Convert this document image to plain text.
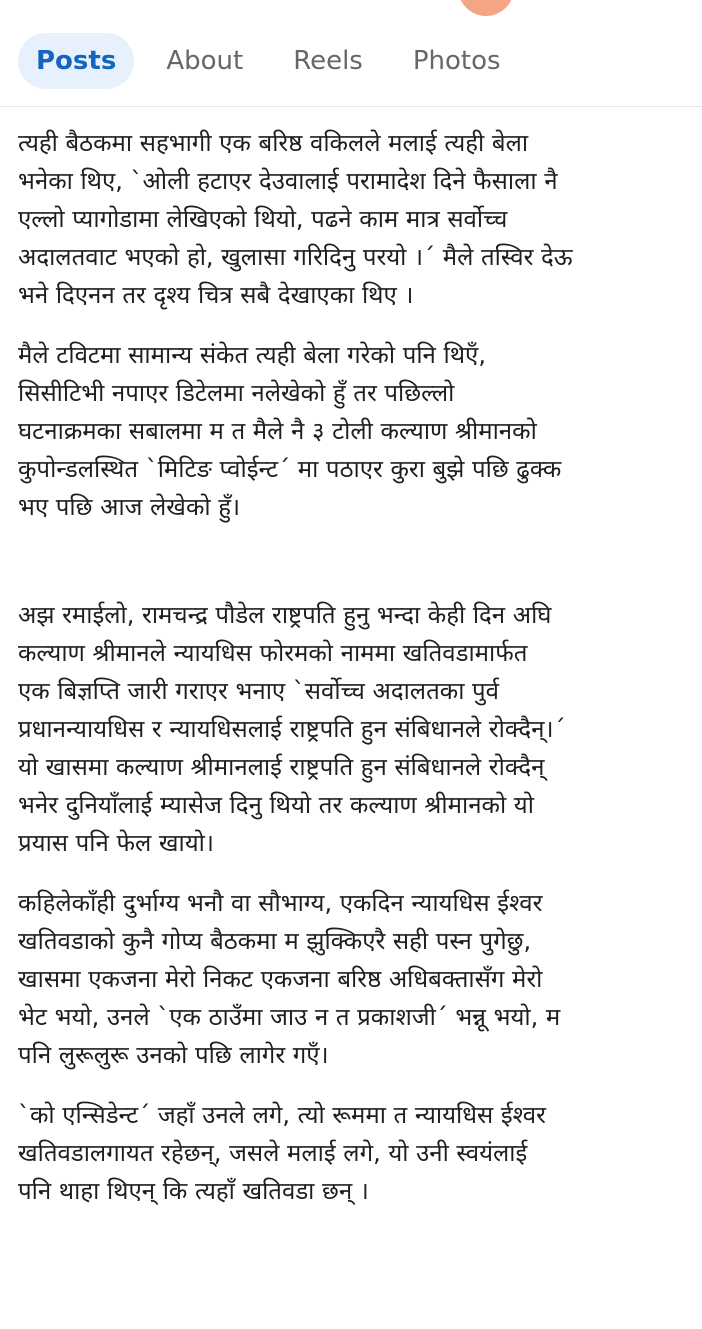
Posts	About	Reels	Photos

त्यही बैठकमा सहभागी एक बरिष्ठ वकिलले मलाई त्यही बेला
भनेका थिए, `ओली हटाएर देउवालाई परामादेश दिने फैसाला नै
एल्लो प्यागोडामा लेखिएको थियो, पढने काम मात्र सर्वोच्च
अदालतवाट भएको हो, खुलासा गरिदिनु परयो ।´ मैले तस्विर देऊ
भने दिएनन तर दृश्य चित्र सबै देखाएका थिए ।

मैले टविटमा सामान्य संकेत त्यही बेला गरेको पनि थिएँ,
सिसीटिभी नपाएर डिटेलमा नलेखेको हुँ तर पछिल्लो
घटनाक्रमका सबालमा म त मैले नै ३ टोली कल्याण श्रीमानको
कुपोन्डलस्थित `मिटिङ प्वोईन्ट´ मा पठाएर कुरा बुझे पछि ढुक्क
भए पछि आज लेखेको हुँ।

अझ रमाईलो, रामचन्द्र पौडेल राष्ट्रपति हुनु भन्दा केही दिन अघि
कल्याण श्रीमानले न्यायधिस फोरमको नाममा खतिवडामार्फत
एक बिज्ञप्ति जारी गराएर भनाए `सर्वोच्च अदालतका पुर्व
प्रधानन्यायधिस र न्यायधिसलाई राष्ट्रपति हुन संबिधानले रोक्दैन्।´
यो खासमा कल्याण श्रीमानलाई राष्ट्रपति हुन संबिधानले रोक्दैन्
भनेर दुनियाँलाई म्यासेज दिनु थियो तर कल्याण श्रीमानको यो
प्रयास पनि फेल खायो।

कहिलेकाँही दुर्भाग्य भनौ वा सौभाग्य, एकदिन न्यायधिस ईश्वर
खतिवडाको कुनै गोप्य बैठकमा म झुक्किएरै सही पस्न पुगेछु,
खासमा एकजना मेरो निकट एकजना बरिष्ठ अधिबक्तासँग मेरो
भेट भयो, उनले `एक ठाउँमा जाउ न त प्रकाशजी´ भन्नू भयो, म
पनि लुरूलुरू उनको पछि लागेर गएँ।

`को एन्सिडेन्ट´ जहाँ उनले लगे, त्यो रूममा त न्यायधिस ईश्वर
खतिवडालगायत रहेछन्, जसले मलाई लगे, यो उनी स्वयंलाई
पनि थाहा थिएन् कि त्यहाँ खतिवडा छन् ।
